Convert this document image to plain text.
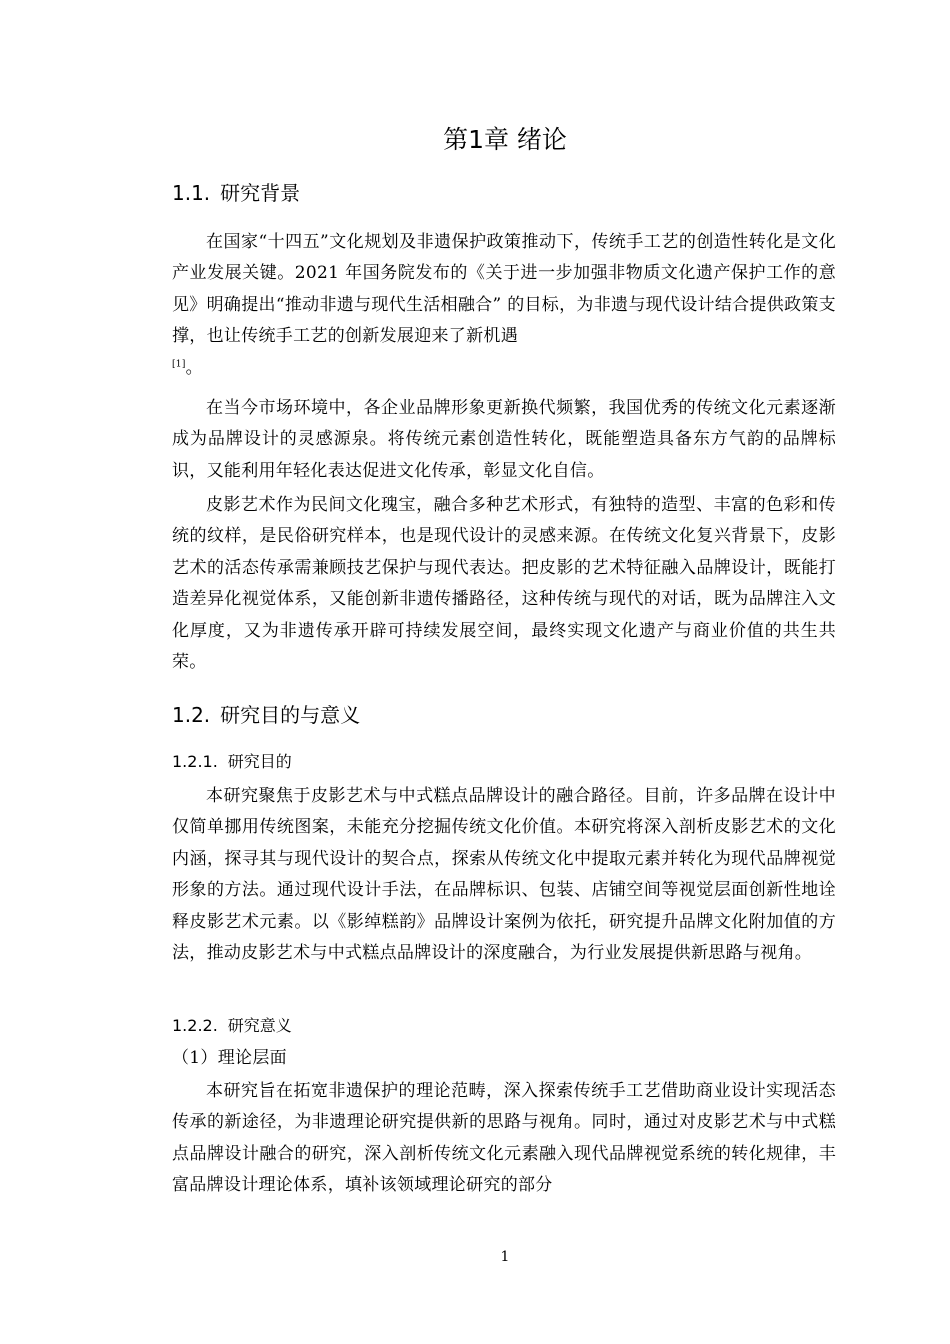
第1章 绪论
1.1. 研究背景

在国家“十四五”文化规划及非遗保护政策推动下，传统手工艺的创造性转化是文化产业发展关键。2021 年国务院发布的《关于进一步加强非物质文化遗产保护工作的意见》明确提出“推动非遗与现代生活相融合” 的目标，为非遗与现代设计结合提供政策支撑，也让传统手工艺的创新发展迎来了新机遇
[1]。

在当今市场环境中，各企业品牌形象更新换代频繁，我国优秀的传统文化元素逐渐成为品牌设计的灵感源泉。将传统元素创造性转化，既能塑造具备东方气韵的品牌标识，又能利用年轻化表达促进文化传承，彰显文化自信。

皮影艺术作为民间文化瑰宝，融合多种艺术形式，有独特的造型、丰富的色彩和传统的纹样，是民俗研究样本，也是现代设计的灵感来源。在传统文化复兴背景下，皮影艺术的活态传承需兼顾技艺保护与现代表达。把皮影的艺术特征融入品牌设计，既能打造差异化视觉体系，又能创新非遗传播路径，这种传统与现代的对话，既为品牌注入文化厚度，又为非遗传承开辟可持续发展空间，最终实现文化遗产与商业价值的共生共荣。

1.2. 研究目的与意义
1.2.1. 研究目的

本研究聚焦于皮影艺术与中式糕点品牌设计的融合路径。目前，许多品牌在设计中仅简单挪用传统图案，未能充分挖掘传统文化价值。本研究将深入剖析皮影艺术的文化内涵，探寻其与现代设计的契合点，探索从传统文化中提取元素并转化为现代品牌视觉形象的方法。通过现代设计手法，在品牌标识、包装、店铺空间等视觉层面创新性地诠释皮影艺术元素。以《影绰糕韵》品牌设计案例为依托，研究提升品牌文化附加值的方法，推动皮影艺术与中式糕点品牌设计的深度融合，为行业发展提供新思路与视角。

1.2.2. 研究意义

（1）理论层面

本研究旨在拓宽非遗保护的理论范畴，深入探索传统手工艺借助商业设计实现活态传承的新途径，为非遗理论研究提供新的思路与视角。同时，通过对皮影艺术与中式糕点品牌设计融合的研究，深入剖析传统文化元素融入现代品牌视觉系统的转化规律，丰富品牌设计理论体系，填补该领域理论研究的部分

1
